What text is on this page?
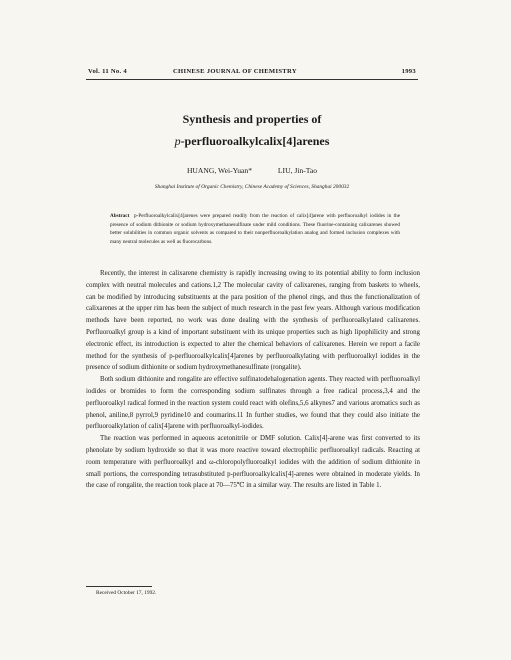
Vol. 11 No. 4	CHINESE JOURNAL OF CHEMISTRY	1993
Synthesis and properties of
p-perfluoroalkylcalix[4]arenes
HUANG, Wei-Yuan*	LIU, Jin-Tao
Shanghai Institute of Organic Chemistry, Chinese Academy of Sciences, Shanghai 200032
Abstract p-Perfluoroalkylcalix[4]arenes were prepared readily from the reaction of calix[4]arene with perfluoroalkyl iodides in the presence of sodium dithionite or sodium hydroxymethanesulfinate under mild conditions. These fluorine-containing calixarenes showed better solubilities in common organic solvents as compared to their nonperfluoroalkylation analog and formed inclusion complexes with many neutral molecules as well as fluorocarbons.

Recently, the interest in calixarene chemistry is rapidly increasing owing to its potential ability to form inclusion complex with neutral molecules and cations.1,2 The molecular cavity of calixarenes, ranging from baskets to wheels, can be modified by introducing substituents at the para position of the phenol rings, and thus the functionalization of calixarenes at the upper rim has been the subject of much research in the past few years. Although various modification methods have been reported, no work was done dealing with the synthesis of perfluoroalkylated calixarenes. Perfluoroalkyl group is a kind of important substituent with its unique properties such as high lipophilicity and strong electronic effect, its introduction is expected to alter the chemical behaviors of calixarenes. Herein we report a facile method for the synthesis of p-perfluoroalkylcalix[4]arenes by perfluoroalkylating with perfluoroalkyl iodides in the presence of sodium dithionite or sodium hydroxymethanesulfinate (rongalite).

Both sodium dithionite and rongalite are effective sulfinatodehalogenation agents. They reacted with perfluoroalkyl iodides or bromides to form the corresponding sodium sulfinates through a free radical process,3,4 and the perfluoroalkyl radical formed in the reaction system could react with olefins,5,6 alkynes7 and various aromatics such as phenol, aniline,8 pyrrol,9 pyridine10 and coumarins.11 In further studies, we found that they could also initiate the perfluoroalkylation of calix[4]arene with perfluoroalkyl-iodides.

The reaction was performed in aqueous acetonitrile or DMF solution. Calix[4]-arene was first converted to its phenolate by sodium hydroxide so that it was more reactive toward electrophilic perfluoroalkyl radicals. Reacting at room temperature with perfluoroalkyl and ω-chloropolyfluoroalkyl iodides with the addition of sodium dithionite in small portions, the corresponding tetrasubstituted p-perfluoroalkylcalix[4]-arenes were obtained in moderate yields. In the case of rongalite, the reaction took place at 70—75℃ in a similar way. The results are listed in Table 1.

Received October 17, 1992.
